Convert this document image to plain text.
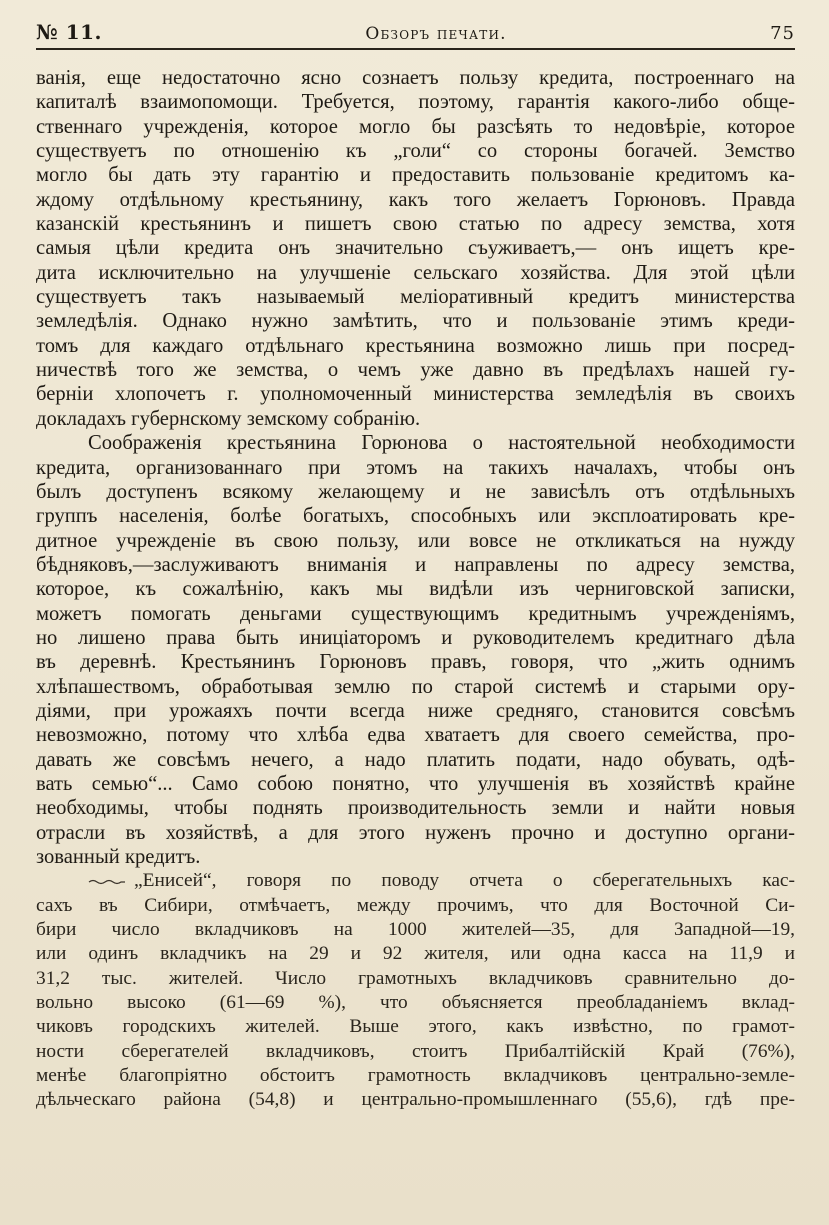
№ 11.	Обзоръ печати.	75
ванія, еще недостаточно ясно сознаетъ пользу кредита, построеннаго на
капиталѣ взаимопомощи. Требуется, поэтому, гарантія какого-либо обще-
ственнаго учрежденія, которое могло бы разсѣять то недовѣріе, которое
существуетъ по отношенію къ „голи“ со стороны богачей. Земство
могло бы дать эту гарантію и предоставить пользованіе кредитомъ ка-
ждому отдѣльному крестьянину, какъ того желаетъ Горюновъ. Правда
казанскій крестьянинъ и пишетъ свою статью по адресу земства, хотя
самыя цѣли кредита онъ значительно съуживаетъ,— онъ ищетъ кре-
дита исключительно на улучшеніе сельскаго хозяйства. Для этой цѣли
существуетъ такъ называемый меліоративный кредитъ министерства
земледѣлія. Однако нужно замѣтить, что и пользованіе этимъ креди-
томъ для каждаго отдѣльнаго крестьянина возможно лишь при посред-
ничествѣ того же земства, о чемъ уже давно въ предѣлахъ нашей гу-
берніи хлопочетъ г. уполномоченный министерства земледѣлія въ своихъ
докладахъ губернскому земскому собранію.
Соображенія крестьянина Горюнова о настоятельной необходимости
кредита, организованнаго при этомъ на такихъ началахъ, чтобы онъ
былъ доступенъ всякому желающему и не зависѣлъ отъ отдѣльныхъ
группъ населенія, болѣе богатыхъ, способныхъ или эксплоатировать кре-
дитное учрежденіе въ свою пользу, или вовсе не откликаться на нужду
бѣдняковъ,—заслуживаютъ вниманія и направлены по адресу земства,
которое, къ сожалѣнію, какъ мы видѣли изъ черниговской записки,
можетъ помогать деньгами существующимъ кредитнымъ учрежденіямъ,
но лишено права быть иниціаторомъ и руководителемъ кредитнаго дѣла
въ деревнѣ. Крестьянинъ Горюновъ правъ, говоря, что „жить однимъ
хлѣпашествомъ, обработывая землю по старой системѣ и старыми ору-
діями, при урожаяхъ почти всегда ниже средняго, становится совсѣмъ
невозможно, потому что хлѣба едва хватаетъ для своего семейства, про-
давать же совсѣмъ нечего, а надо платить подати, надо обувать, одѣ-
вать семью“... Само собою понятно, что улучшенія въ хозяйствѣ крайне
необходимы, чтобы поднять производительность земли и найти новыя
отрасли въ хозяйствѣ, а для этого нуженъ прочно и доступно органи-
зованный кредитъ.
„Енисей“, говоря по поводу отчета о сберегательныхъ кас-
сахъ въ Сибири, отмѣчаетъ, между прочимъ, что для Восточной Си-
бири число вкладчиковъ на 1000 жителей—35, для Западной—19,
или одинъ вкладчикъ на 29 и 92 жителя, или одна касса на 11,9 и
31,2 тыс. жителей. Число грамотныхъ вкладчиковъ сравнительно до-
вольно высоко (61—69 %), что объясняется преобладаніемъ вклад-
чиковъ городскихъ жителей. Выше этого, какъ извѣстно, по грамот-
ности сберегателей вкладчиковъ, стоитъ Прибалтійскій Край (76%),
менѣе благопріятно обстоитъ грамотность вкладчиковъ центрально-земле-
дѣльческаго района (54,8) и центрально-промышленнаго (55,6), гдѣ пре-
